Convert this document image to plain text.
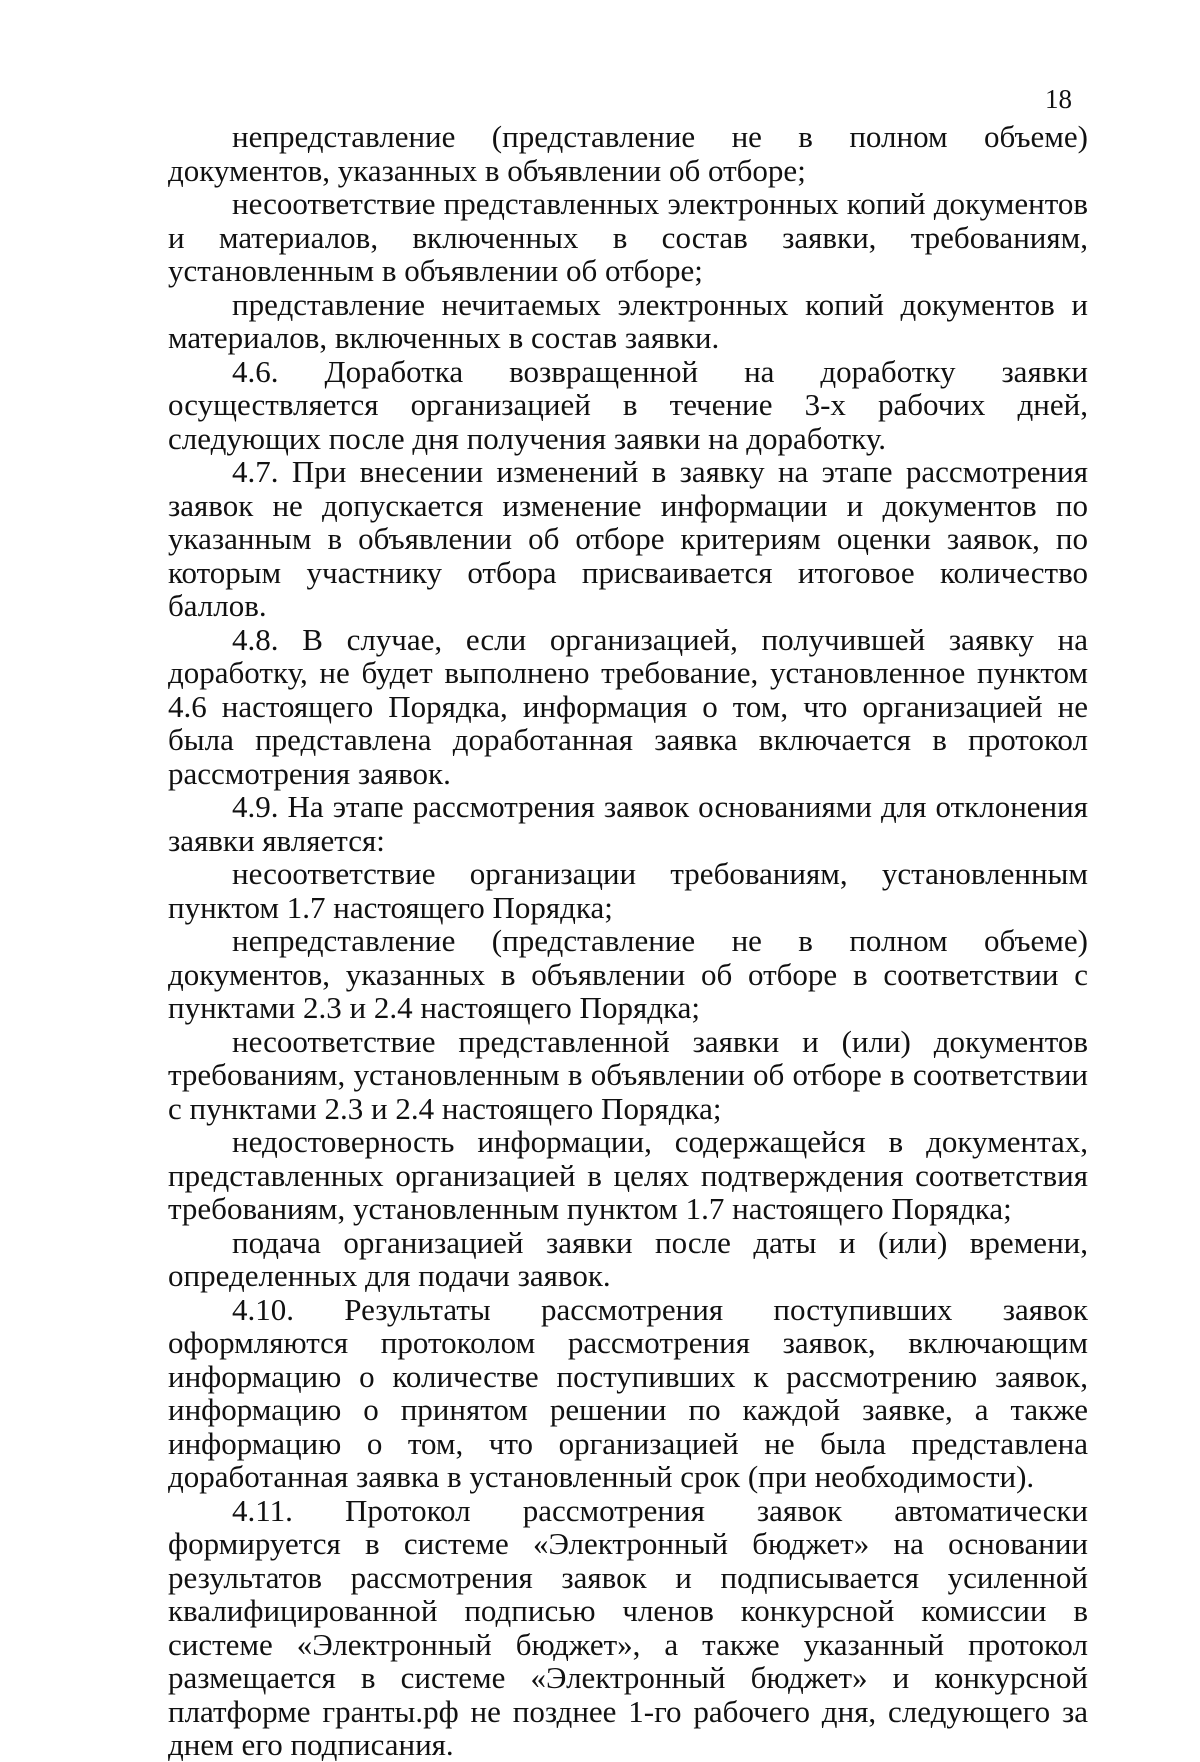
18

непредставление (представление не в полном объеме) документов, указанных в объявлении об отборе;

несоответствие представленных электронных копий документов и материалов, включенных в состав заявки, требованиям, установленным в объявлении об отборе;

представление нечитаемых электронных копий документов и материалов, включенных в состав заявки.

4.6. Доработка возвращенной на доработку заявки осуществляется организацией в течение 3-х рабочих дней, следующих после дня получения заявки на доработку.

4.7. При внесении изменений в заявку на этапе рассмотрения заявок не допускается изменение информации и документов по указанным в объявлении об отборе критериям оценки заявок, по которым участнику отбора присваивается итоговое количество баллов.

4.8. В случае, если организацией, получившей заявку на доработку, не будет выполнено требование, установленное пунктом 4.6 настоящего Порядка, информация о том, что организацией не была представлена доработанная заявка включается в протокол рассмотрения заявок.

4.9. На этапе рассмотрения заявок основаниями для отклонения заявки является:

несоответствие организации требованиям, установленным пунктом 1.7 настоящего Порядка;

непредставление (представление не в полном объеме) документов, указанных в объявлении об отборе в соответствии с пунктами 2.3 и 2.4 настоящего Порядка;

несоответствие представленной заявки и (или) документов требованиям, установленным в объявлении об отборе в соответствии с пунктами 2.3 и 2.4 настоящего Порядка;

недостоверность информации, содержащейся в документах, представленных организацией в целях подтверждения соответствия требованиям, установленным пунктом 1.7 настоящего Порядка;

подача организацией заявки после даты и (или) времени, определенных для подачи заявок.

4.10. Результаты рассмотрения поступивших заявок оформляются протоколом рассмотрения заявок, включающим информацию о количестве поступивших к рассмотрению заявок, информацию о принятом решении по каждой заявке, а также информацию о том, что организацией не была представлена доработанная заявка в установленный срок (при необходимости).

4.11. Протокол рассмотрения заявок автоматически формируется в системе «Электронный бюджет» на основании результатов рассмотрения заявок и подписывается усиленной квалифицированной подписью членов конкурсной комиссии в системе «Электронный бюджет», а также указанный протокол размещается в системе «Электронный бюджет» и конкурсной платформе гранты.рф не позднее 1-го рабочего дня, следующего за днем его подписания.
